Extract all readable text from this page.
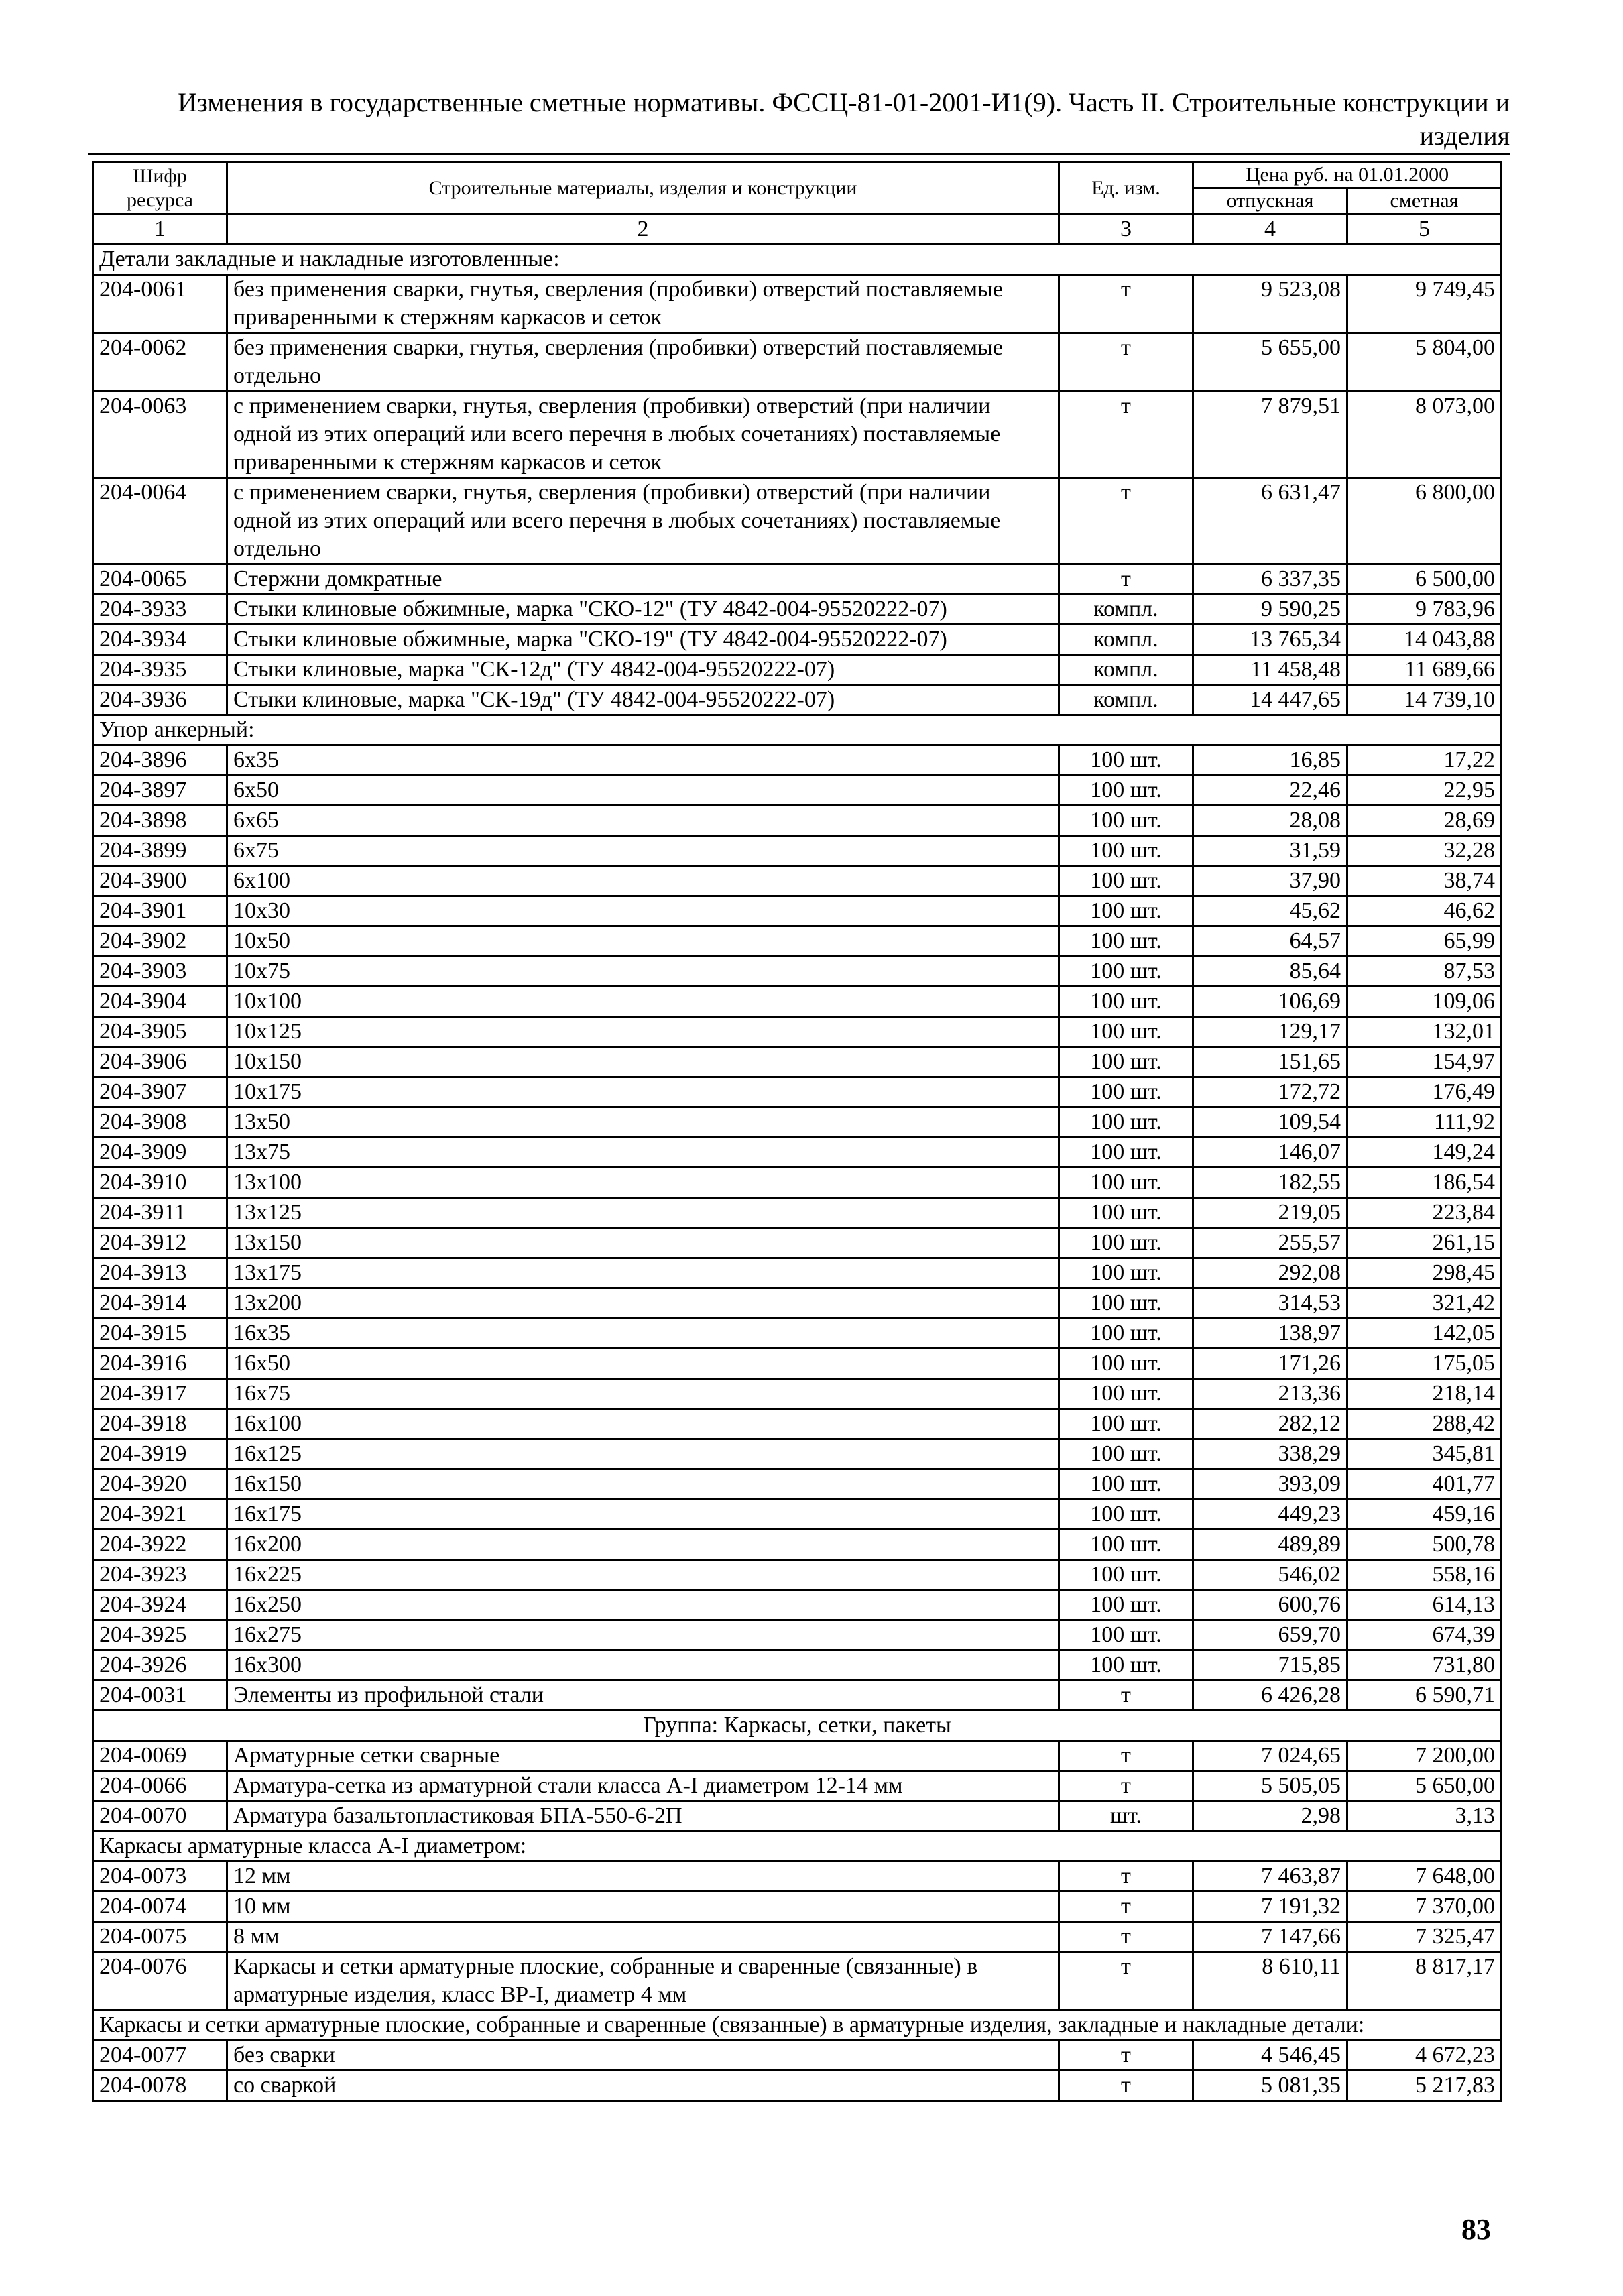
Изменения в государственные сметные нормативы. ФССЦ-81-01-2001-И1(9). Часть II. Строительные конструкции и изделия
Шифр ресурса	Строительные материалы, изделия и конструкции	Ед. изм.	Цена руб. на 01.01.2000	
			отпускная	сметная
1	2	3	4	5
Детали закладные и накладные изготовленные:				
204-0061	без применения сварки, гнутья, сверления (пробивки) отверстий поставляемые приваренными к стержням каркасов и сеток	т	9 523,08	9 749,45
204-0062	без применения сварки, гнутья, сверления (пробивки) отверстий поставляемые отдельно	т	5 655,00	5 804,00
204-0063	с применением сварки, гнутья, сверления (пробивки) отверстий (при наличии одной из этих операций или всего перечня в любых сочетаниях) поставляемые приваренными к стержням каркасов и сеток	т	7 879,51	8 073,00
204-0064	с применением сварки, гнутья, сверления (пробивки) отверстий (при наличии одной из этих операций или всего перечня в любых сочетаниях) поставляемые отдельно	т	6 631,47	6 800,00
204-0065	Стержни домкратные	т	6 337,35	6 500,00
204-3933	Стыки клиновые обжимные, марка "СКО-12" (ТУ 4842-004-95520222-07)	компл.	9 590,25	9 783,96
204-3934	Стыки клиновые обжимные, марка "СКО-19" (ТУ 4842-004-95520222-07)	компл.	13 765,34	14 043,88
204-3935	Стыки клиновые, марка "СК-12д" (ТУ 4842-004-95520222-07)	компл.	11 458,48	11 689,66
204-3936	Стыки клиновые, марка "СК-19д" (ТУ 4842-004-95520222-07)	компл.	14 447,65	14 739,10
Упор анкерный:				
204-3896	6x35	100 шт.	16,85	17,22
204-3897	6x50	100 шт.	22,46	22,95
204-3898	6x65	100 шт.	28,08	28,69
204-3899	6x75	100 шт.	31,59	32,28
204-3900	6x100	100 шт.	37,90	38,74
204-3901	10x30	100 шт.	45,62	46,62
204-3902	10x50	100 шт.	64,57	65,99
204-3903	10x75	100 шт.	85,64	87,53
204-3904	10x100	100 шт.	106,69	109,06
204-3905	10x125	100 шт.	129,17	132,01
204-3906	10x150	100 шт.	151,65	154,97
204-3907	10x175	100 шт.	172,72	176,49
204-3908	13x50	100 шт.	109,54	111,92
204-3909	13x75	100 шт.	146,07	149,24
204-3910	13x100	100 шт.	182,55	186,54
204-3911	13x125	100 шт.	219,05	223,84
204-3912	13x150	100 шт.	255,57	261,15
204-3913	13x175	100 шт.	292,08	298,45
204-3914	13x200	100 шт.	314,53	321,42
204-3915	16x35	100 шт.	138,97	142,05
204-3916	16x50	100 шт.	171,26	175,05
204-3917	16x75	100 шт.	213,36	218,14
204-3918	16x100	100 шт.	282,12	288,42
204-3919	16x125	100 шт.	338,29	345,81
204-3920	16x150	100 шт.	393,09	401,77
204-3921	16x175	100 шт.	449,23	459,16
204-3922	16x200	100 шт.	489,89	500,78
204-3923	16x225	100 шт.	546,02	558,16
204-3924	16x250	100 шт.	600,76	614,13
204-3925	16x275	100 шт.	659,70	674,39
204-3926	16x300	100 шт.	715,85	731,80
204-0031	Элементы из профильной стали	т	6 426,28	6 590,71
Группа: Каркасы, сетки, пакеты				
204-0069	Арматурные сетки сварные	т	7 024,65	7 200,00
204-0066	Арматура-сетка из арматурной стали класса А-I диаметром 12-14 мм	т	5 505,05	5 650,00
204-0070	Арматура базальтопластиковая БПА-550-6-2П	шт.	2,98	3,13
Каркасы арматурные класса А-I диаметром:				
204-0073	12 мм	т	7 463,87	7 648,00
204-0074	10 мм	т	7 191,32	7 370,00
204-0075	8 мм	т	7 147,66	7 325,47
204-0076	Каркасы и сетки арматурные плоские, собранные и сваренные (связанные) в арматурные изделия, класс ВР-I, диаметр 4 мм	т	8 610,11	8 817,17
Каркасы и сетки арматурные плоские, собранные и сваренные (связанные) в арматурные изделия, закладные и накладные детали:				
204-0077	без сварки	т	4 546,45	4 672,23
204-0078	со сваркой	т	5 081,35	5 217,83
83
